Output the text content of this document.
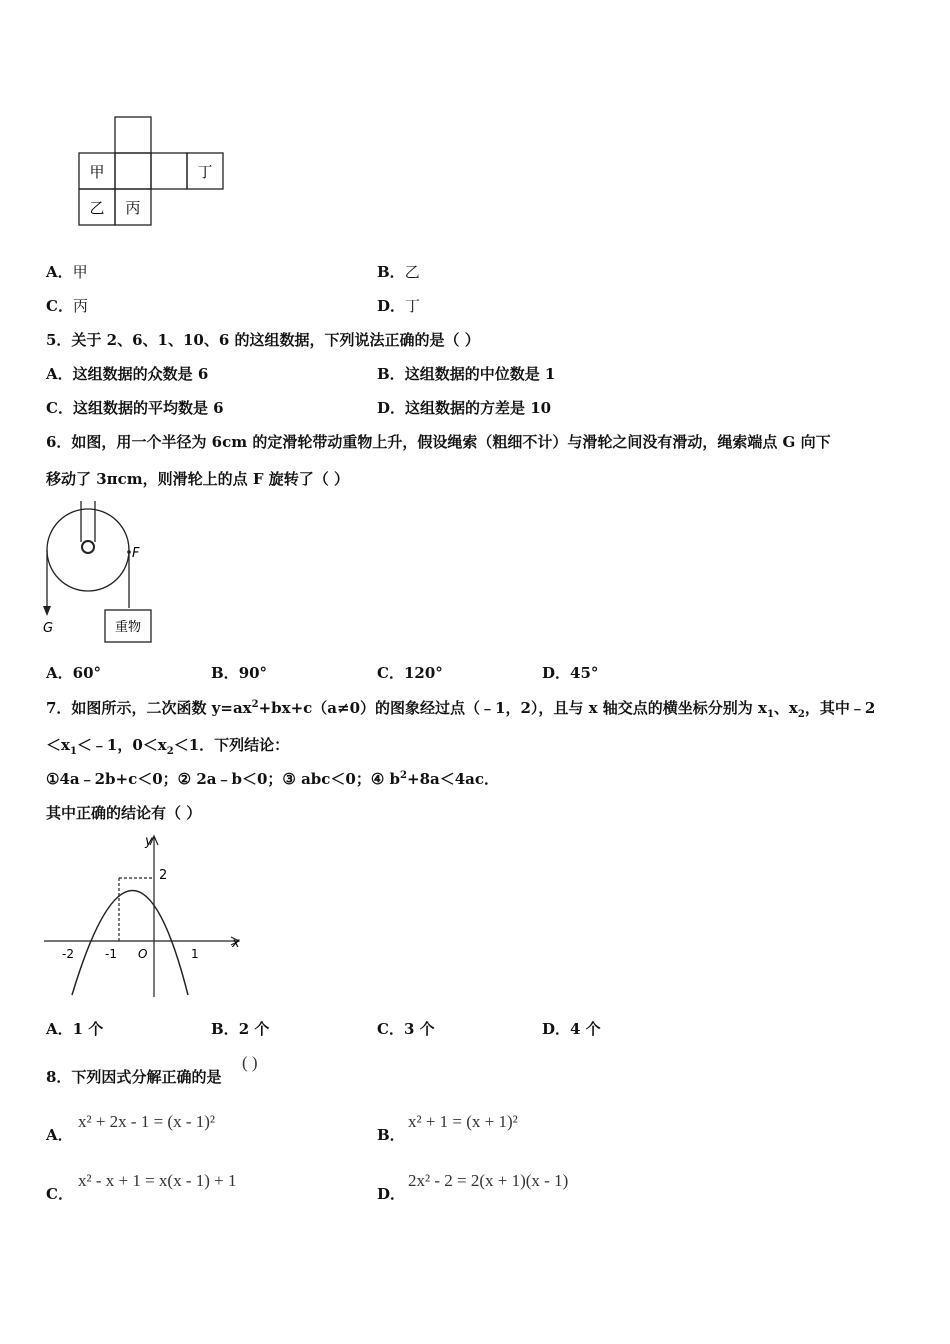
甲
乙 丙
丁
A．甲	B．乙
C．丙	D．丁
5．关于 2、6、1、10、6 的这组数据，下列说法正确的是（ ）
A．这组数据的众数是 6	B．这组数据的中位数是 1
C．这组数据的平均数是 6	D．这组数据的方差是 10
6．如图，用一个半径为 6cm 的定滑轮带动重物上升，假设绳索（粗细不计）与滑轮之间没有滑动，绳索端点 G 向下
移动了 3πcm，则滑轮上的点 F 旋转了（ ）
F
G	重物
A．60°	B．90°	C．120°	D．45°
7．如图所示，二次函数 $y=ax^2+bx+c(a\ne 0)$的图象经过点（﹣1，2），且与 x 轴交点的横坐标分别为 $x_1$、$x_2$，其中﹣2
$<x_1<﹣1$，$0<x_2<1$．下列结论：
①4a﹣2b+c＜0；② 2a﹣b＜0；③ abc＜0；④ $b^2+8a<4ac$．
其中正确的结论有（ ）
y
x
2
-2	-1 O	1
A．1 个	B．2 个	C．3 个	D．4 个
8．下列因式分解正确的是
( )
A．
x² + 2x - 1 = (x - 1)²
B．
x² + 1 = (x + 1)²
C．
x² - x + 1 = x(x - 1) + 1
D．
2x² - 2 = 2(x + 1)(x - 1)
